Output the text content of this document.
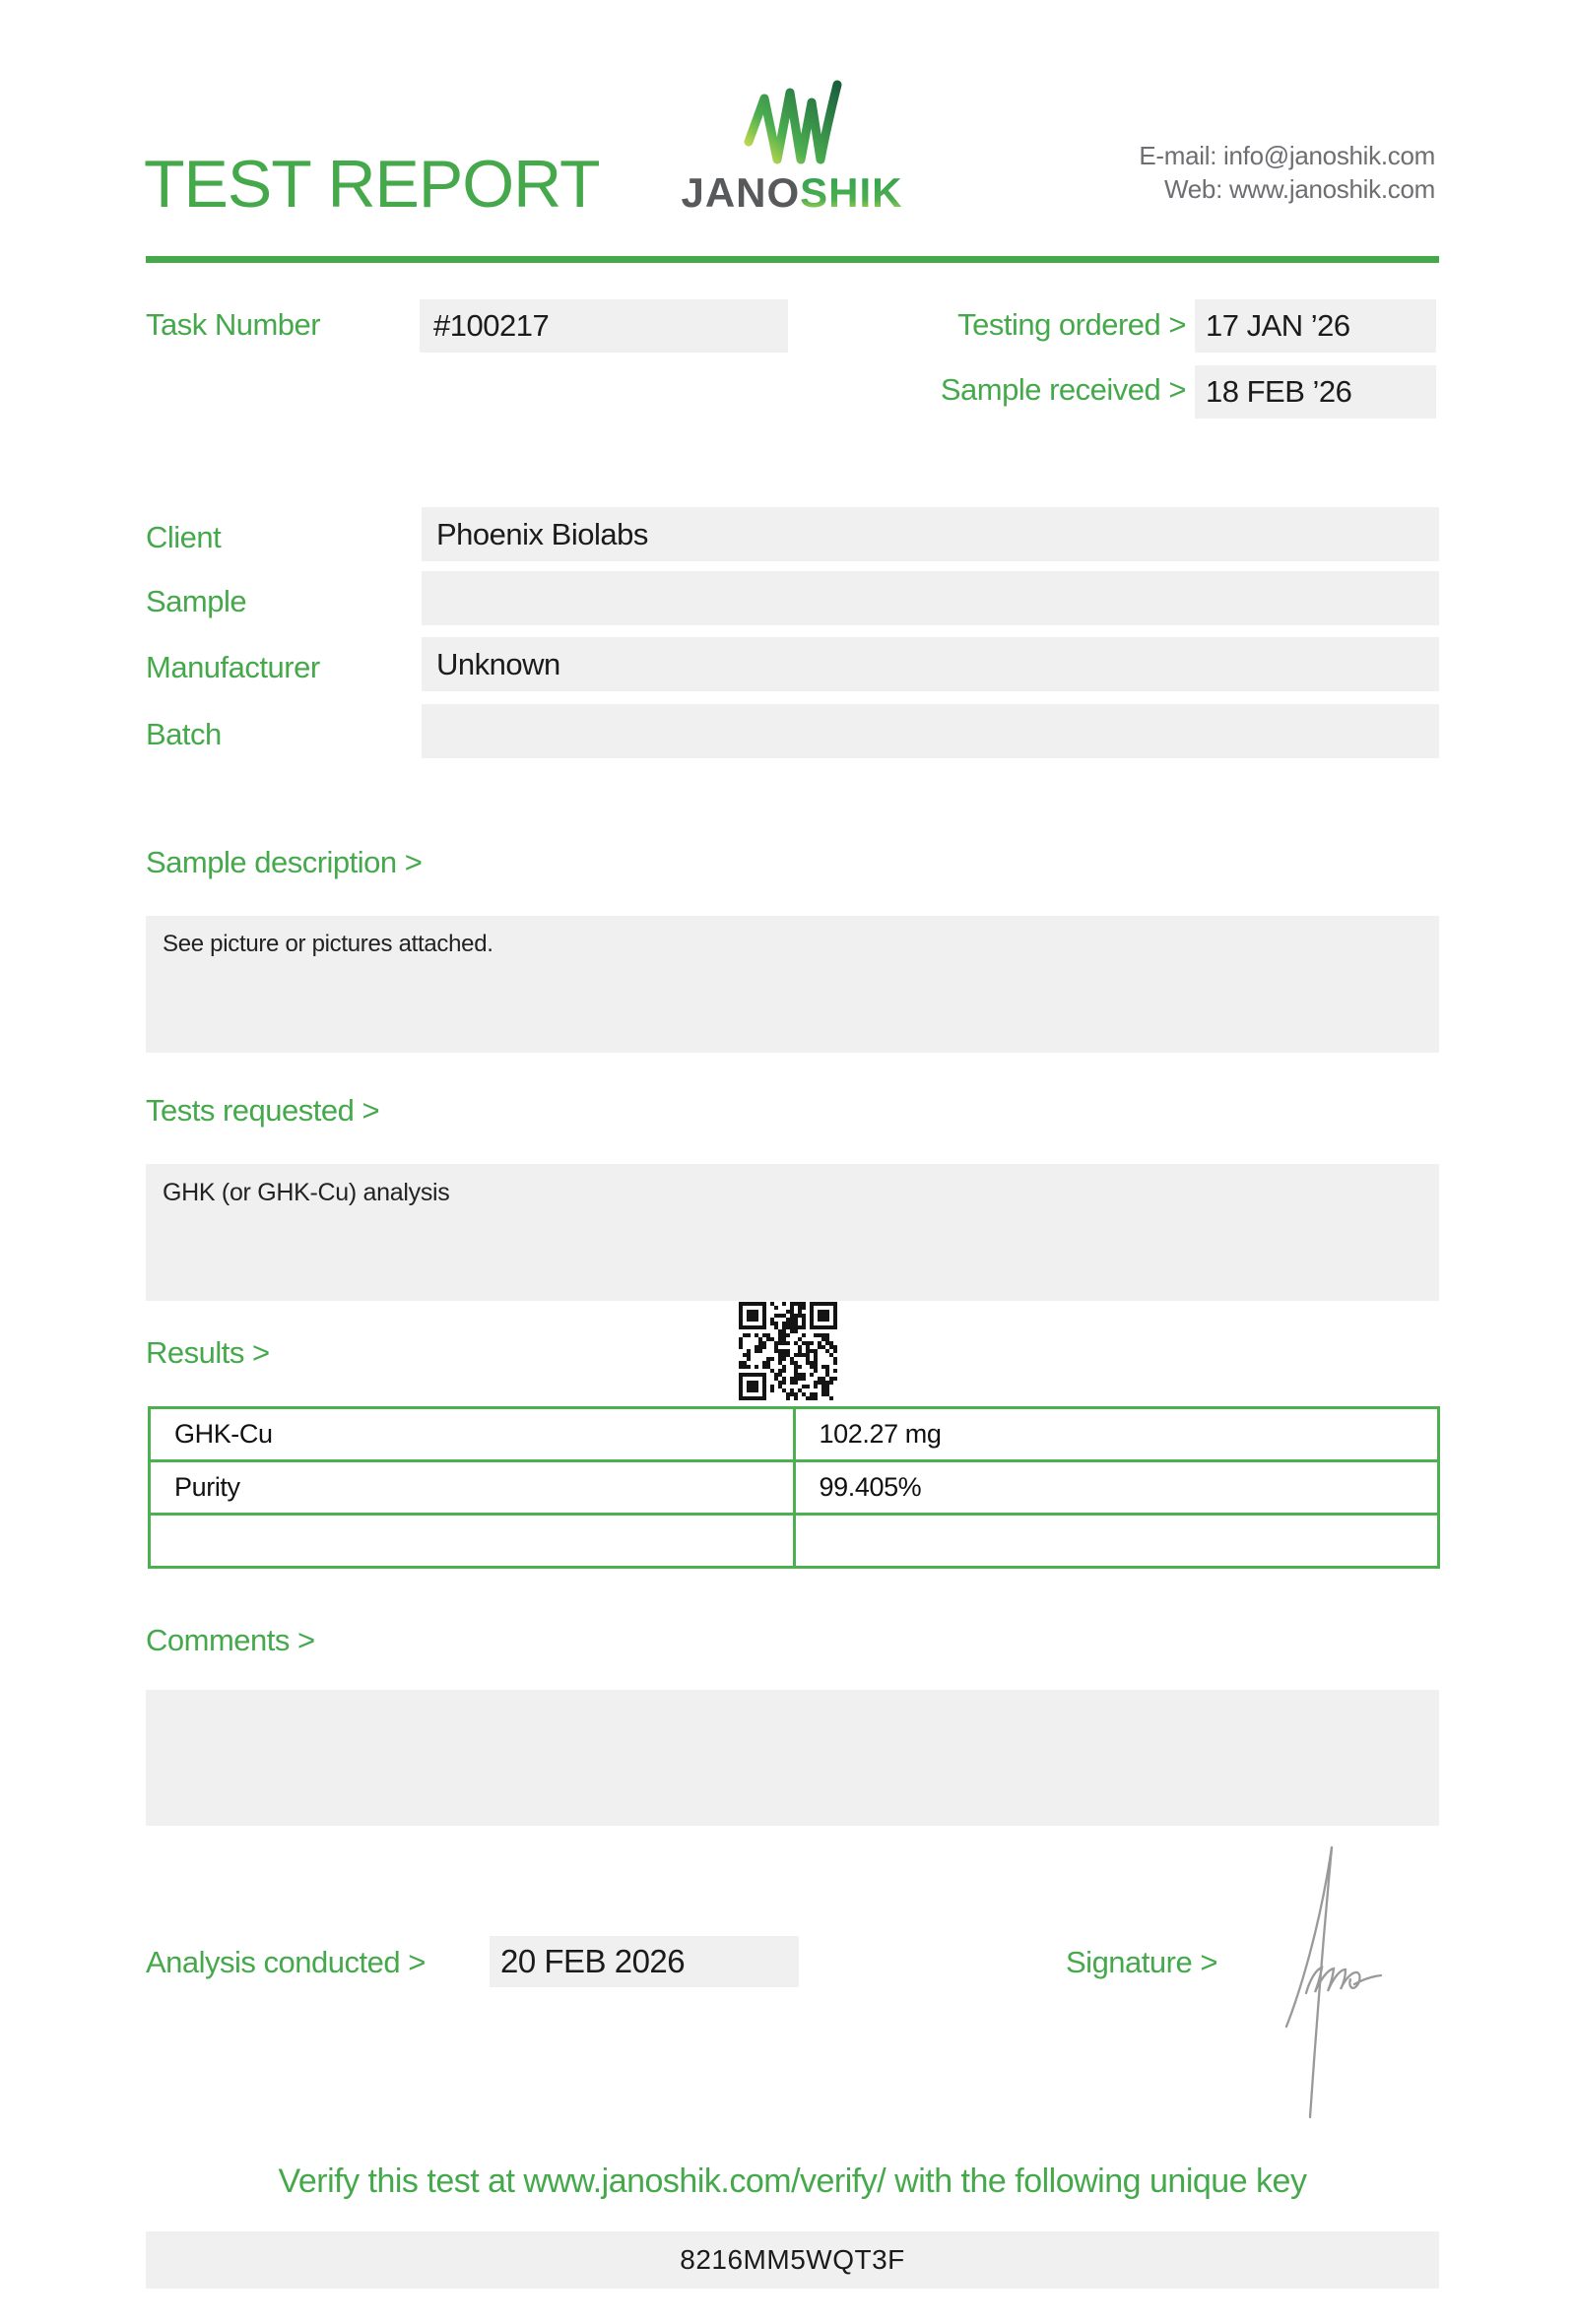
TEST REPORT JANOSHIK
E-mail: info@janoshik.com
Web: www.janoshik.com
Task Number	#100217	Testing ordered > 17 JAN ’26
Sample received > 18 FEB ’26
Client	Phoenix Biolabs
Sample
Manufacturer	Unknown
Batch
Sample description >
See picture or pictures attached.
Tests requested >
GHK (or GHK-Cu) analysis
Results >
GHK-Cu	102.27 mg
Purity	99.405%

Comments >
Analysis conducted >	20 FEB 2026	Signature >
Verify this test at www.janoshik.com/verify/ with the following unique key
8216MM5WQT3F
